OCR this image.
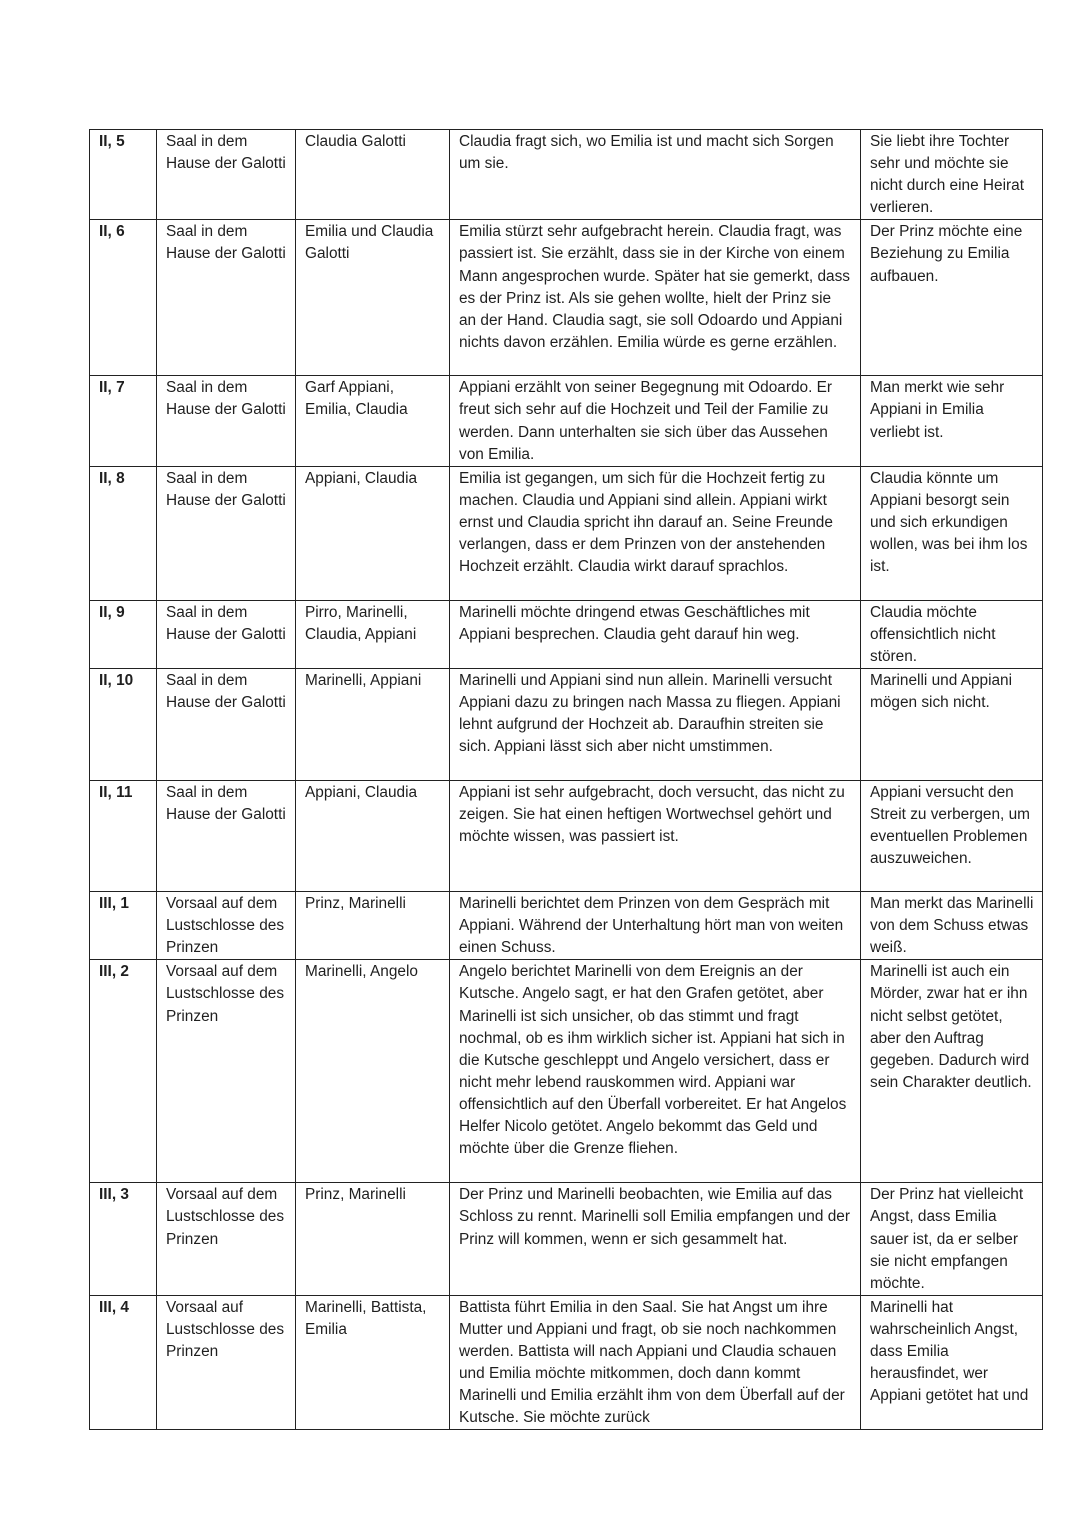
II, 5	Saal in dem Hause der Galotti	Claudia Galotti	Claudia fragt sich, wo Emilia ist und macht sich Sorgen um sie.	Sie liebt ihre Tochter sehr und möchte sie nicht durch eine Heirat verlieren.
II, 6	Saal in dem Hause der Galotti	Emilia und Claudia Galotti	Emilia stürzt sehr aufgebracht herein. Claudia fragt, was passiert ist. Sie erzählt, dass sie in der Kirche von einem Mann angesprochen wurde. Später hat sie gemerkt, dass es der Prinz ist. Als sie gehen wollte, hielt der Prinz sie an der Hand. Claudia sagt, sie soll Odoardo und Appiani nichts davon erzählen. Emilia würde es gerne erzählen.	Der Prinz möchte eine Beziehung zu Emilia aufbauen.
II, 7	Saal in dem Hause der Galotti	Garf Appiani, Emilia, Claudia	Appiani erzählt von seiner Begegnung mit Odoardo. Er freut sich sehr auf die Hochzeit und Teil der Familie zu werden. Dann unterhalten sie sich über das Aussehen von Emilia.	Man merkt wie sehr Appiani in Emilia verliebt ist.
II, 8	Saal in dem Hause der Galotti	Appiani, Claudia	Emilia ist gegangen, um sich für die Hochzeit fertig zu machen. Claudia und Appiani sind allein. Appiani wirkt ernst und Claudia spricht ihn darauf an. Seine Freunde verlangen, dass er dem Prinzen von der anstehenden Hochzeit erzählt. Claudia wirkt darauf sprachlos.	Claudia könnte um Appiani besorgt sein und sich erkundigen wollen, was bei ihm los ist.
II, 9	Saal in dem Hause der Galotti	Pirro, Marinelli, Claudia, Appiani	Marinelli möchte dringend etwas Geschäftliches mit Appiani besprechen. Claudia geht darauf hin weg.	Claudia möchte offensichtlich nicht stören.
II, 10	Saal in dem Hause der Galotti	Marinelli, Appiani	Marinelli und Appiani sind nun allein. Marinelli versucht Appiani dazu zu bringen nach Massa zu fliegen. Appiani lehnt aufgrund der Hochzeit ab. Daraufhin streiten sie sich. Appiani lässt sich aber nicht umstimmen.	Marinelli und Appiani mögen sich nicht.
II, 11	Saal in dem Hause der Galotti	Appiani, Claudia	Appiani ist sehr aufgebracht, doch versucht, das nicht zu zeigen. Sie hat einen heftigen Wortwechsel gehört und möchte wissen, was passiert ist.	Appiani versucht den Streit zu verbergen, um eventuellen Problemen auszuweichen.
III, 1	Vorsaal auf dem Lustschlosse des Prinzen	Prinz, Marinelli	Marinelli berichtet dem Prinzen von dem Gespräch mit Appiani. Während der Unterhaltung hört man von weiten einen Schuss.	Man merkt das Marinelli von dem Schuss etwas weiß.
III, 2	Vorsaal auf dem Lustschlosse des Prinzen	Marinelli, Angelo	Angelo berichtet Marinelli von dem Ereignis an der Kutsche. Angelo sagt, er hat den Grafen getötet, aber Marinelli ist sich unsicher, ob das stimmt und fragt nochmal, ob es ihm wirklich sicher ist. Appiani hat sich in die Kutsche geschleppt und Angelo versichert, dass er nicht mehr lebend rauskommen wird. Appiani war offensichtlich auf den Überfall vorbereitet. Er hat Angelos Helfer Nicolo getötet. Angelo bekommt das Geld und möchte über die Grenze fliehen.	Marinelli ist auch ein Mörder, zwar hat er ihn nicht selbst getötet, aber den Auftrag gegeben. Dadurch wird sein Charakter deutlich.
III, 3	Vorsaal auf dem Lustschlosse des Prinzen	Prinz, Marinelli	Der Prinz und Marinelli beobachten, wie Emilia auf das Schloss zu rennt. Marinelli soll Emilia empfangen und der Prinz will kommen, wenn er sich gesammelt hat.	Der Prinz hat vielleicht Angst, dass Emilia sauer ist, da er selber sie nicht empfangen möchte.
III, 4	Vorsaal auf Lustschlosse des Prinzen	Marinelli, Battista, Emilia	Battista führt Emilia in den Saal. Sie hat Angst um ihre Mutter und Appiani und fragt, ob sie noch nachkommen werden. Battista will nach Appiani und Claudia schauen und Emilia möchte mitkommen, doch dann kommt Marinelli und Emilia erzählt ihm von dem Überfall auf der Kutsche. Sie möchte zurück	Marinelli hat wahrscheinlich Angst, dass Emilia herausfindet, wer Appiani getötet hat und
